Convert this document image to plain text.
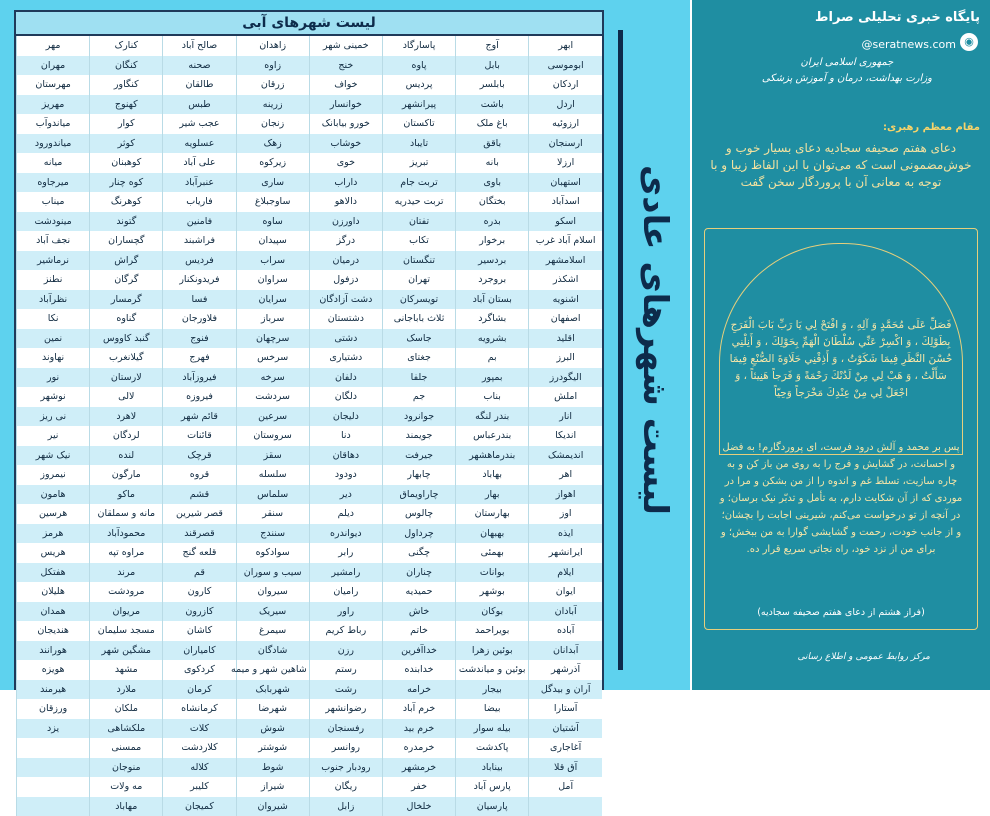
لیست شهرهای آبی
ابهر	آوج	پاسارگاد	خمینی شهر	زاهدان	صالح آباد	کنارک	مهر
ابوموسی	بابل	پاوه	خنج	زاوه	صحنه	کنگان	مهران
اردکان	بابلسر	پردیس	خواف	زرقان	طالقان	کنگاور	مهرستان
اردل	باشت	پیرانشهر	خوانسار	زرینه	طبس	کهنوج	مهریز
ارزوئیه	باغ ملک	تاکستان	خورو بیابانک	زنجان	عجب شیر	کوار	میاندوآب
ارسنجان	باقق	تایباد	خوشاب	زهک	عسلویه	کوثر	میاندورود
ارزلا	بانه	تبریز	خوی	زیرکوه	علی آباد	کوهبنان	میانه
استهبان	باوی	تربت جام	داراب	ساری	عنبرآباد	کوه چنار	میرجاوه
اسدآباد	بختگان	تربت حیدریه	دالاهو	ساوجبلاغ	فاریاب	کوهرنگ	میناب
اسکو	بدره	تفتان	داورزن	ساوه	فامنین	گتوند	مینودشت
اسلام آباد غرب	برخوار	تکاب	درگز	سپیدان	فراشبند	گچساران	نجف آباد
اسلامشهر	بردسیر	تنگستان	درمیان	سراب	فردیس	گراش	نرماشیر
اشکذر	بروجرد	تهران	دزفول	سراوان	فریدونکنار	گرگان	نطنز
اشنویه	بستان آباد	تویسرکان	دشت آزادگان	سرایان	فسا	گرمسار	نظرآباد
اصفهان	بشاگرد	ثلاث باباجانی	دشتستان	سرباز	فلاورجان	گناوه	نکا
اقلید	بشرویه	جاسک	دشتی	سرچهان	فنوج	گنبد کاووس	نمین
البرز	بم	جغتای	دشتیاری	سرخس	فهرج	گیلانغرب	نهاوند
الیگودرز	بمپور	جلفا	دلفان	سرخه	فیروزآباد	لارستان	نور
املش	بناب	جم	دلگان	سردشت	فیروزه	لالی	نوشهر
انار	بندر لنگه	جوانرود	دلیجان	سرعین	قائم شهر	لاهرد	نی ریز
اندیکا	بندرعباس	جویمند	دنا	سروستان	قائنات	لردگان	نیر
اندیمشک	بندرماهشهر	جیرفت	دهاقان	سقز	قرچک	لنده	نیک شهر
اهر	بهاباد	چابهار	دودود	سلسله	قروه	مارگون	نیمروز
اهواز	بهار	چاراویماق	دیر	سلماس	قشم	ماکو	هامون
اوز	بهارستان	چالوس	دیلم	سنقر	قصر شیرین	مانه و سملقان	هرسین
ایذه	بهبهان	چرداول	دیواندره	سنندج	قصرقند	محمودآباد	هرمز
ایرانشهر	بهمئی	چگنی	رابر	سوادکوه	قلعه گنج	مراوه تپه	هریس
ایلام	بوانات	چناران	رامشیر	سیب و سوران	قم	مرند	هفتکل
ایوان	بوشهر	حمیدیه	رامیان	سیروان	کارون	مرودشت	هلیلان
آبادان	بوکان	خاش	راور	سیریک	کازرون	مریوان	همدان
آباده	بویراحمد	خاتم	رباط کریم	سیمرغ	کاشان	مسجد سلیمان	هندیجان
آبدانان	بوئین زهرا	خداآفرین	رزن	شادگان	کامیاران	مشگین شهر	هورانند
آذرشهر	بوئین و میاندشت	خدابنده	رستم	شاهین شهر و میمه	کردکوی	مشهد	هویزه
آران و بیدگل	بیجار	خرامه	رشت	شهربابک	کرمان	ملارد	هیرمند
آستارا	بیضا	خرم آباد	رضوانشهر	شهرضا	کرمانشاه	ملکان	ورزقان
آشتیان	بیله سوار	خرم بید	رفسنجان	شوش	کلات	ملکشاهی	یزد
آغاجاری	پاکدشت	خرمدره	روانسر	شوشتر	کلاردشت	ممسنی	
آق قلا	بیناباد	خرمشهر	رودبار جنوب	شوط	کلاله	منوجان	
آمل	پارس آباد	خفر	ریگان	شیراز	کلیبر	مه ولات	
	پارسیان	خلخال	زابل	شیروان	کمیجان	مهاباد	
لیست شهرهای عادی
پایگاه خبری تحلیلی صراط
◉
@seratnews.com
جمهوری اسلامی ایران
وزارت بهداشت، درمان و آموزش پزشکی
مقام معظم رهبری:
دعای هفتم صحیفه سجادیه دعای بسیار خوب و خوش‌مضمونی است که می‌توان با این الفاظ زیبا و با توجه به معانی آن با پروردگار سخن گفت
فَصَلِّ عَلَى مُحَمَّدٍ وَ آلِهِ ، وَ افْتَحْ لِي يَا رَبِّ بَابَ الْفَرَجِ بِطَوْلِكَ ، وَ اكْسِرْ عَنِّي سُلْطَانَ الْهَمِّ بِحَوْلِكَ ، وَ أَنِلْنِي حُسْنَ النَّظَرِ فِيمَا شَكَوْتُ ، وَ أَذِقْنِي حَلَاوَةَ الصُّنْعِ فِيمَا سَأَلْتُ ، وَ هَبْ لِي مِنْ لَدُنْكَ رَحْمَةً وَ فَرَجاً هَنِيئاً ، وَ اجْعَلْ لِي مِنْ عِنْدِكَ مَخْرَجاً وَحِيّاً
پس بر محمد و آلش درود فرست، ای پروردگارم! به فضل و احسانت، در گشایش و فرج را به روی من باز کن و به چاره سازیت، تسلط غم و اندوه را از من بشکن و مرا در موردی که از آن شکایت دارم، به تأمل و تدبّر نیک برسان؛ و در آنچه از تو درخواست می‌کنم، شیرینی اجابت را بچشان؛ و از جانب خودت، رحمت و گشایشی گوارا به من ببخش؛ و برای من از نزد خود، راه نجاتی سریع قرار ده.
(فراز هشتم از دعای هفتم صحیفه سجادیه)
مرکز روابط عمومی و اطلاع رسانی
